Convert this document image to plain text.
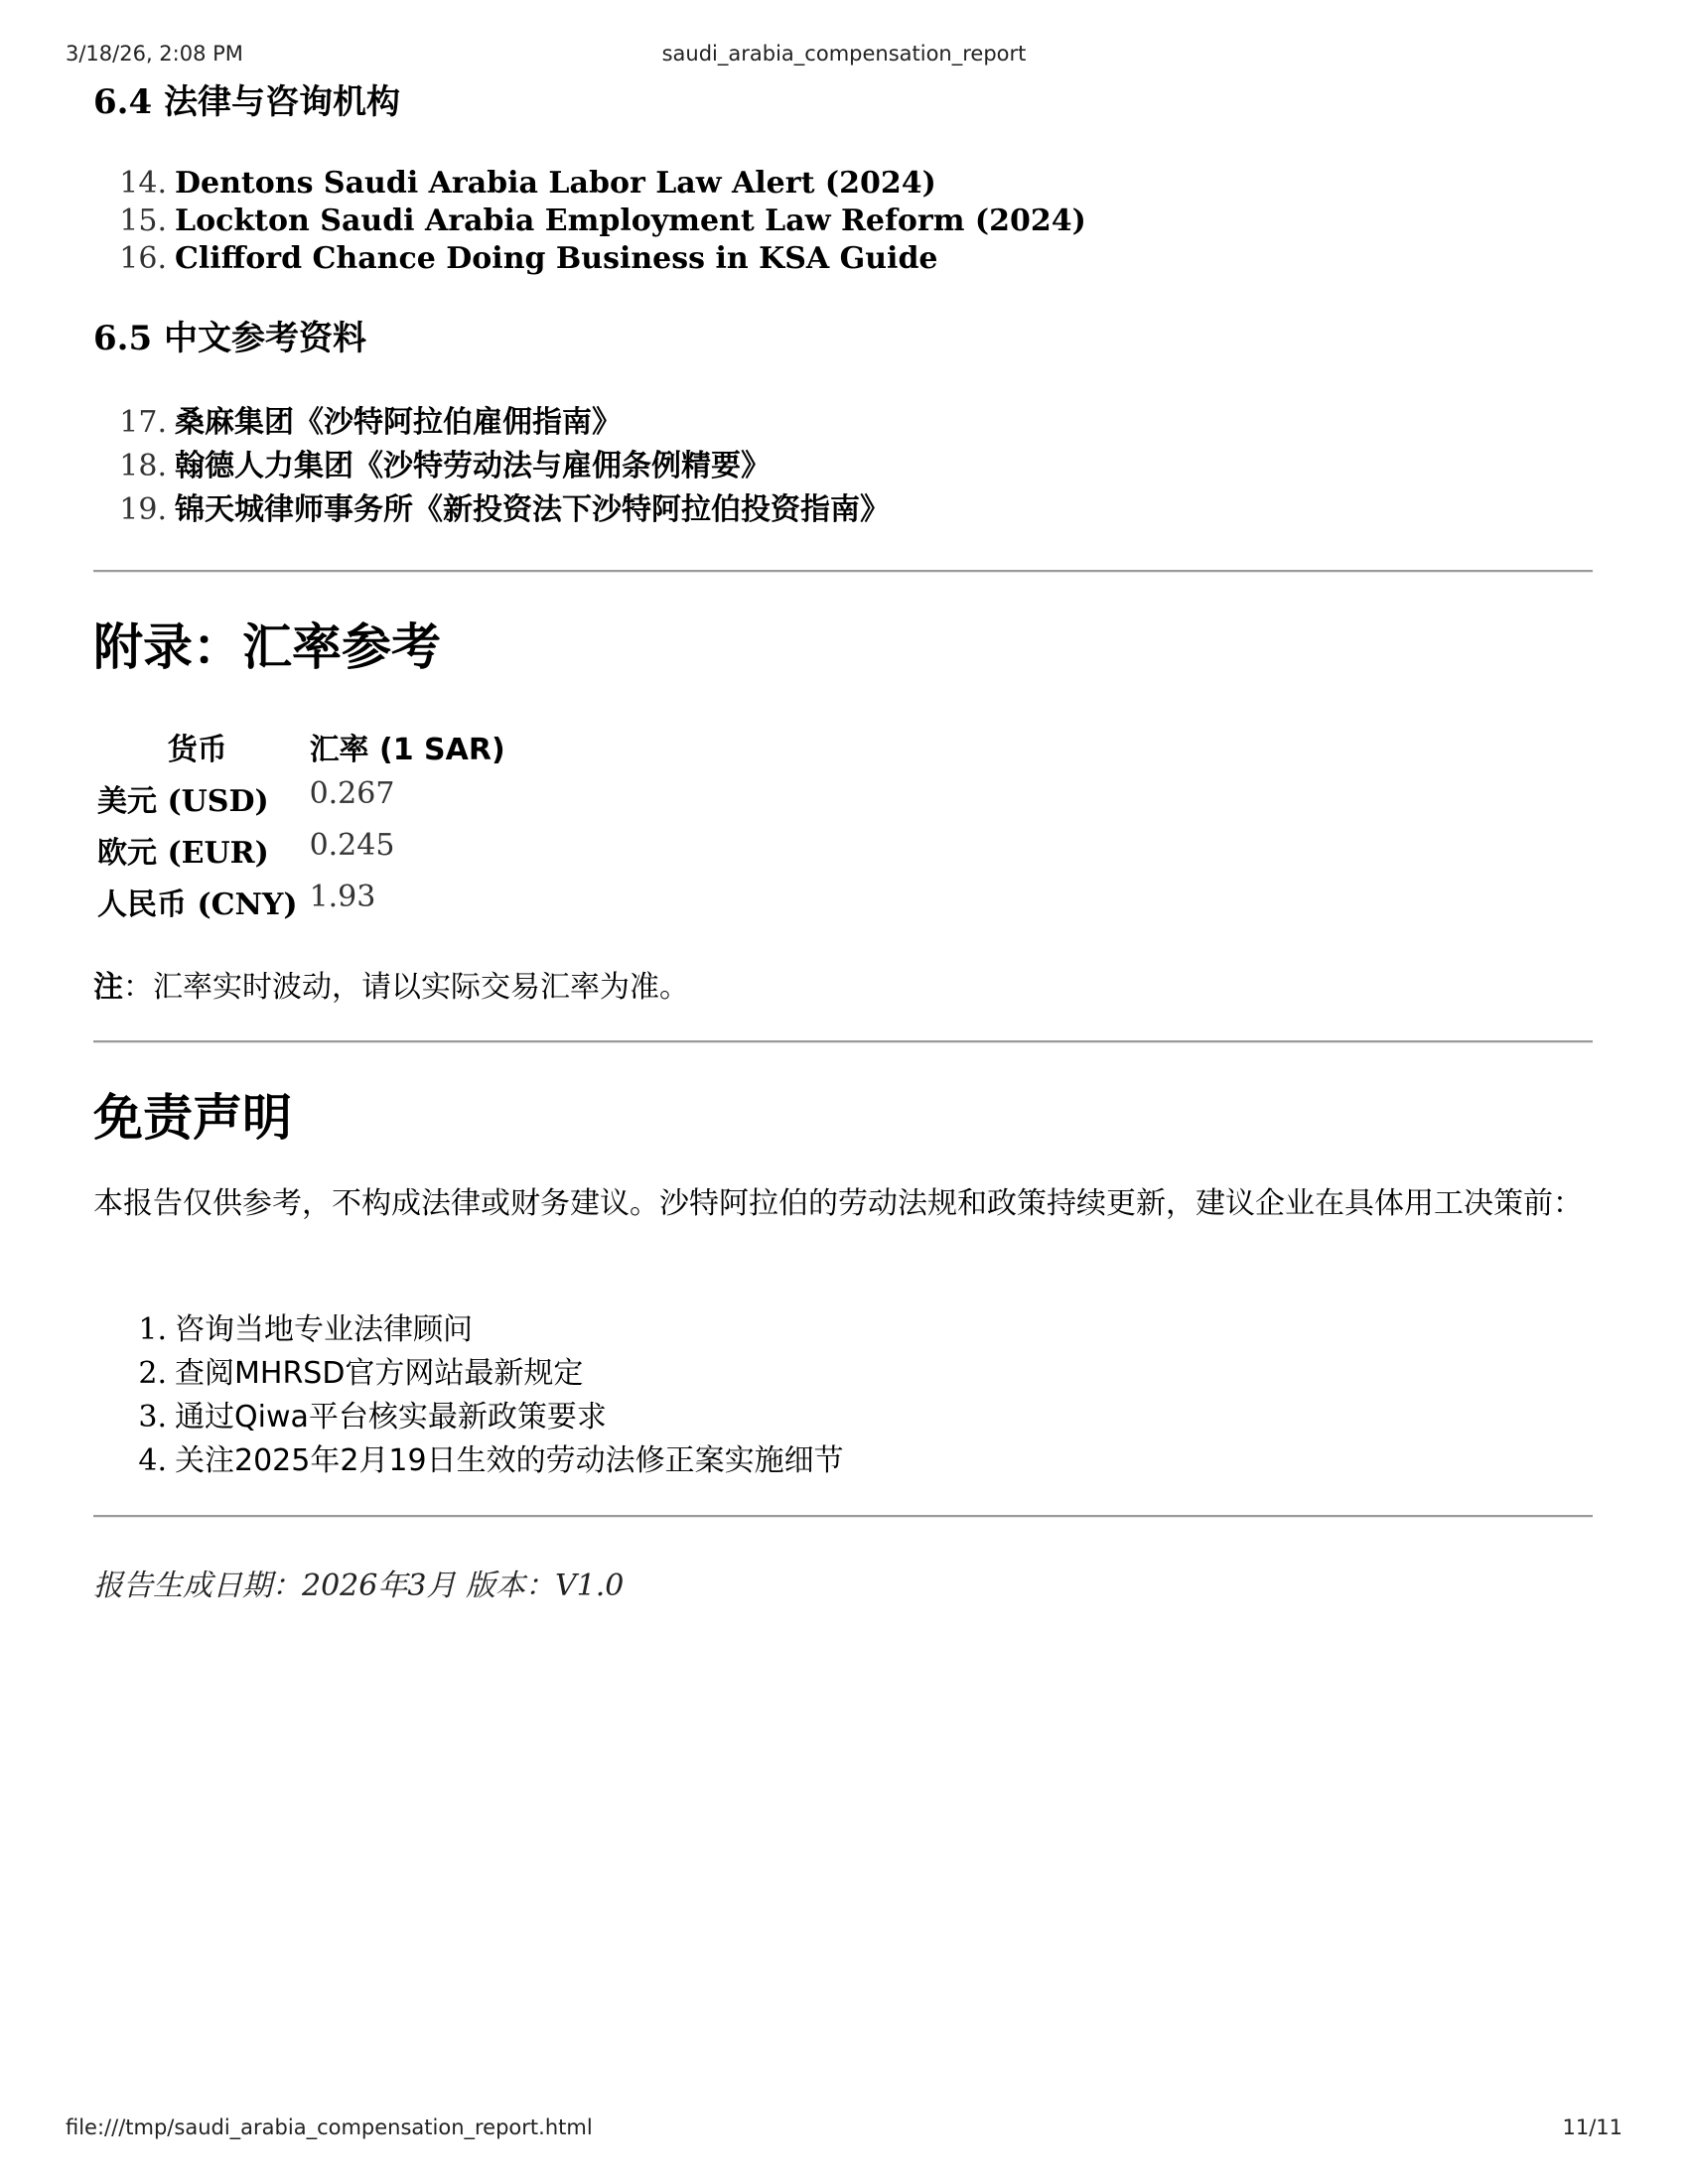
3/18/26, 2:08 PM	saudi_arabia_compensation_report
6.4 法律与咨询机构
14. Dentons Saudi Arabia Labor Law Alert (2024)
15. Lockton Saudi Arabia Employment Law Reform (2024)
16. Clifford Chance Doing Business in KSA Guide
6.5 中文参考资料
17. 桑麻集团《沙特阿拉伯雇佣指南》
18. 翰德人力集团《沙特劳动法与雇佣条例精要》
19. 锦天城律师事务所《新投资法下沙特阿拉伯投资指南》
附录：汇率参考
货币	汇率 (1 SAR)
美元 (USD)	0.267
欧元 (EUR)	0.245
人民币 (CNY)	1.93

注：汇率实时波动，请以实际交易汇率为准。

免责声明

本报告仅供参考，不构成法律或财务建议。沙特阿拉伯的劳动法规和政策持续更新，建议企业在具体用工决策前：

1. 咨询当地专业法律顾问
2. 查阅MHRSD官方网站最新规定
3. 通过Qiwa平台核实最新政策要求
4. 关注2025年2月19日生效的劳动法修正案实施细节
报告生成日期：2026年3月 版本：V1.0
file:///tmp/saudi_arabia_compensation_report.html	11/11
